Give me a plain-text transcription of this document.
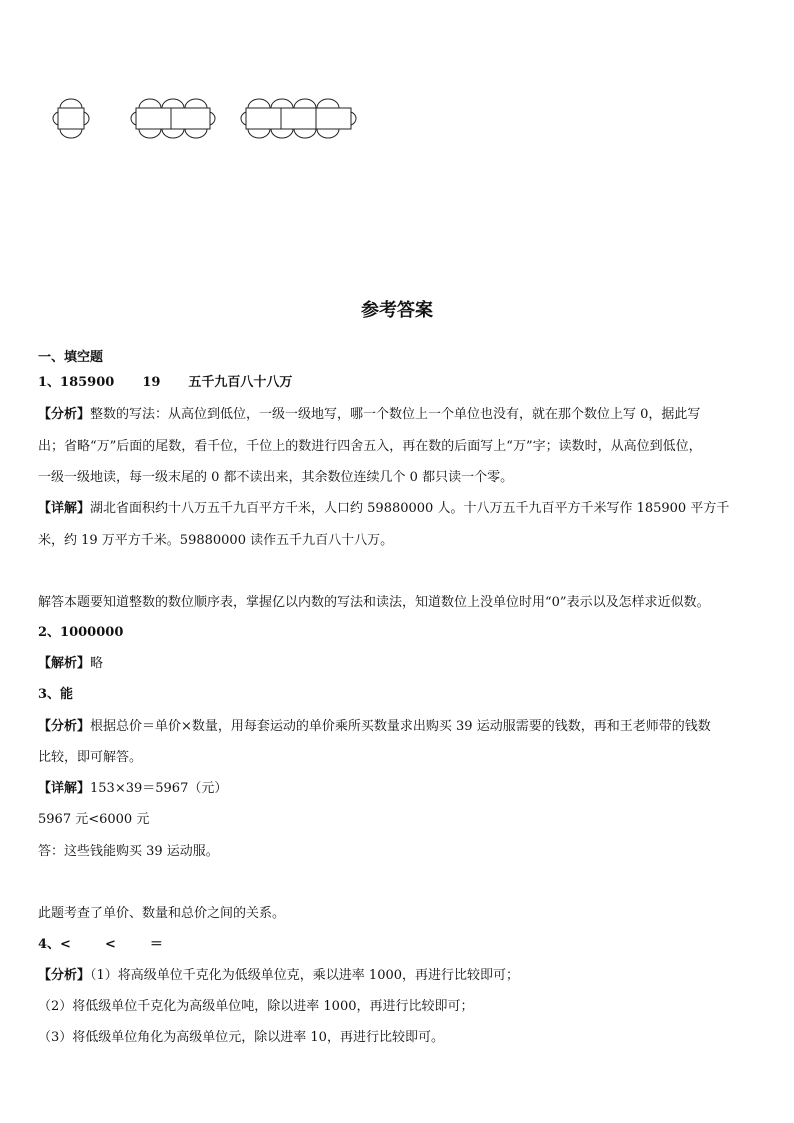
参考答案
一、填空题
1、185900 19 五千九百八十八万
【分析】整数的写法：从高位到低位，一级一级地写，哪一个数位上一个单位也没有，就在那个数位上写 0，据此写
出；省略“万”后面的尾数，看千位，千位上的数进行四舍五入，再在数的后面写上“万”字；读数时，从高位到低位，
一级一级地读，每一级末尾的 0 都不读出来，其余数位连续几个 0 都只读一个零。
【详解】湖北省面积约十八万五千九百平方千米，人口约 59880000 人。十八万五千九百平方千米写作 185900 平方千
米，约 19 万平方千米。59880000 读作五千九百八十八万。
解答本题要知道整数的数位顺序表，掌握亿以内数的写法和读法，知道数位上没单位时用“0”表示以及怎样求近似数。
2、1000000
【解析】略
3、能
【分析】根据总价＝单价×数量，用每套运动的单价乘所买数量求出购买 39 运动服需要的钱数，再和王老师带的钱数
比较，即可解答。
【详解】153×39＝5967（元）
5967 元<6000 元
答：这些钱能购买 39 运动服。
此题考查了单价、数量和总价之间的关系。
4、<	<	＝
【分析】（1）将高级单位千克化为低级单位克，乘以进率 1000，再进行比较即可；
（2）将低级单位千克化为高级单位吨，除以进率 1000，再进行比较即可；
（3）将低级单位角化为高级单位元，除以进率 10，再进行比较即可。
